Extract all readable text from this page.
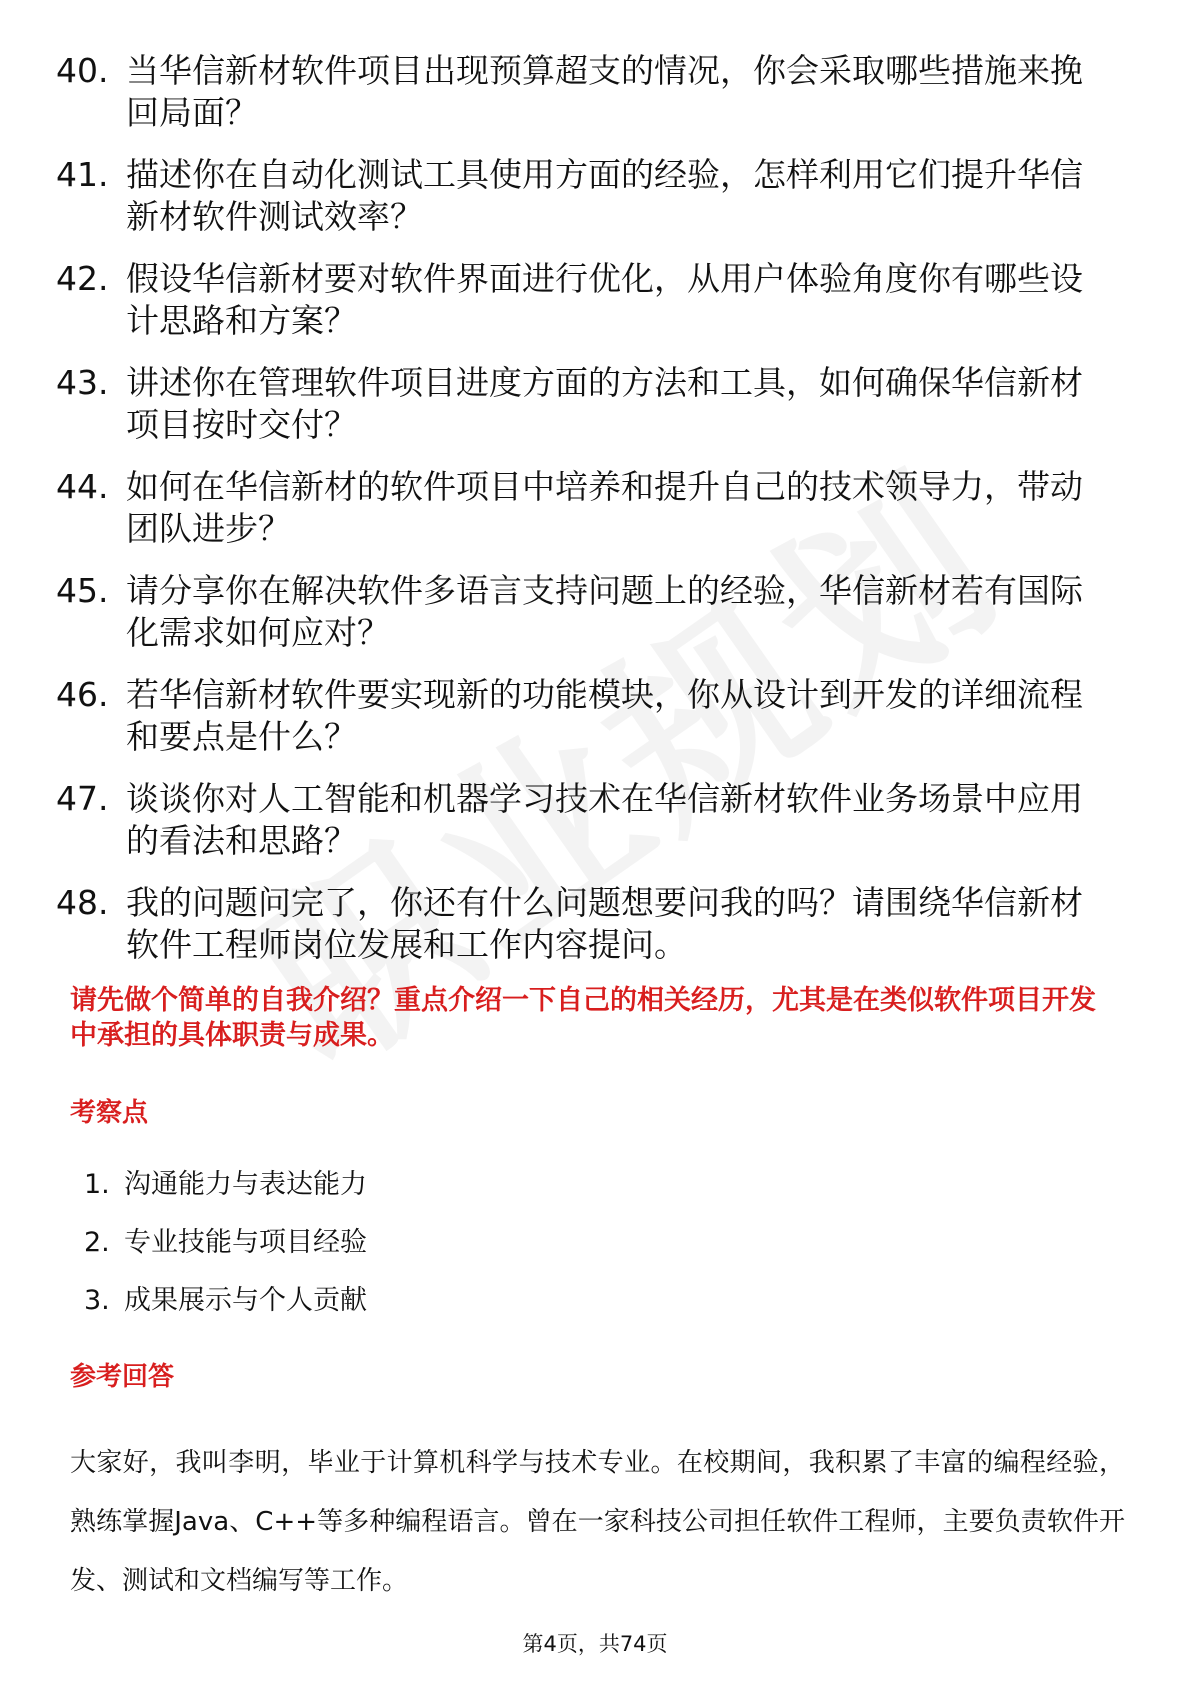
40. 当华信新材软件项目出现预算超支的情况，你会采取哪些措施来挽回局面？
41. 描述你在自动化测试工具使用方面的经验，怎样利用它们提升华信新材软件测试效率？
42. 假设华信新材要对软件界面进行优化，从用户体验角度你有哪些设计思路和方案？
43. 讲述你在管理软件项目进度方面的方法和工具，如何确保华信新材项目按时交付？
44. 如何在华信新材的软件项目中培养和提升自己的技术领导力，带动团队进步？
45. 请分享你在解决软件多语言支持问题上的经验，华信新材若有国际化需求如何应对？
46. 若华信新材软件要实现新的功能模块，你从设计到开发的详细流程和要点是什么？
47. 谈谈你对人工智能和机器学习技术在华信新材软件业务场景中应用的看法和思路？
48. 我的问题问完了，你还有什么问题想要问我的吗？请围绕华信新材软件工程师岗位发展和工作内容提问。
请先做个简单的自我介绍？重点介绍一下自己的相关经历，尤其是在类似软件项目开发中承担的具体职责与成果。
考察点
1. 沟通能力与表达能力
2. 专业技能与项目经验
3. 成果展示与个人贡献
参考回答
大家好，我叫李明，毕业于计算机科学与技术专业。在校期间，我积累了丰富的编程经验，熟练掌握Java、C++等多种编程语言。曾在一家科技公司担任软件工程师，主要负责软件开发、测试和文档编写等工作。
第4页，共74页
